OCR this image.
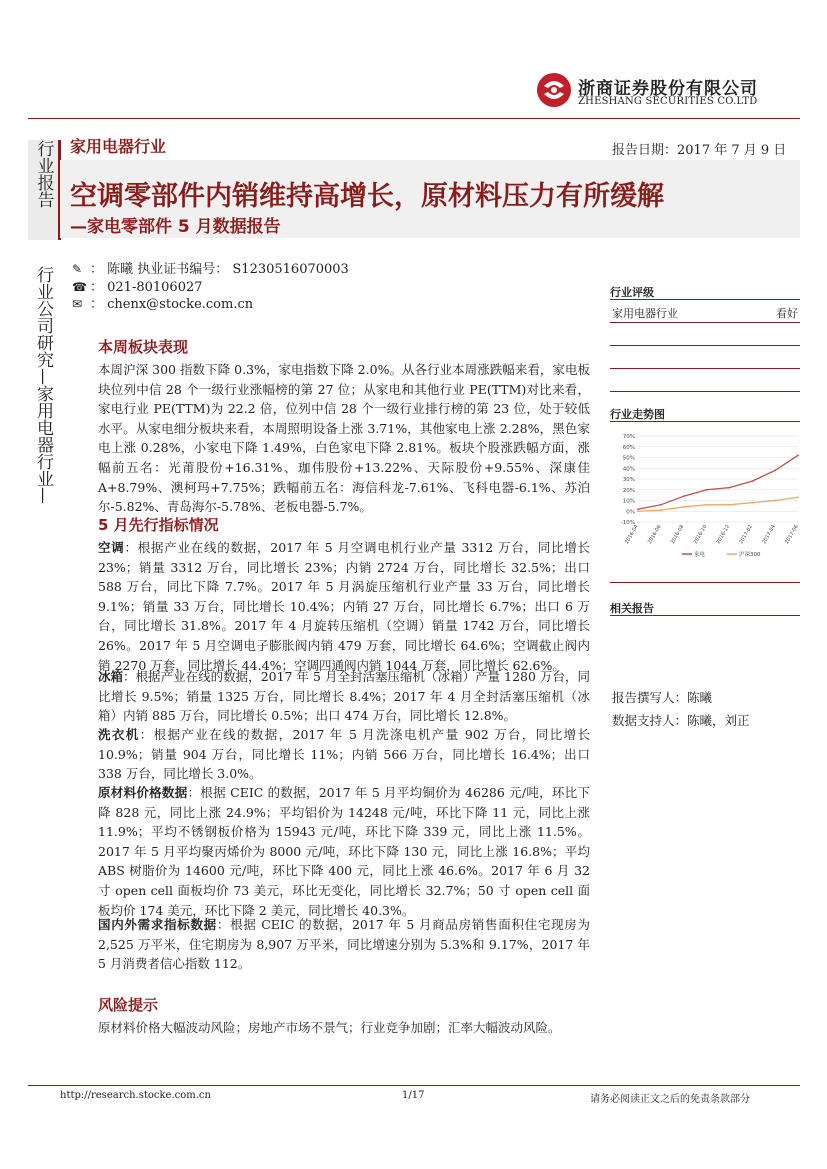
浙商证券股份有限公司
ZHESHANG SECURITIES CO.LTD
行业报告
行业公司研究—家用电器行业—
家用电器行业	报告日期：2017 年 7 月 9 日
空调零部件内销维持高增长，原材料压力有所缓解
—家电零部件 5 月数据报告
✎ ： 陈曦 执业证书编号： S1230516070003
☎ ： 021-80106027
✉ ： chenx@stocke.com.cn
本周板块表现
本周沪深 300 指数下降 0.3%，家电指数下降 2.0%。从各行业本周涨跌幅来看，家电板块位列中信 28 个一级行业涨幅榜的第 27 位；从家电和其他行业 PE(TTM)对比来看，家电行业 PE(TTM)为 22.2 倍，位列中信 28 个一级行业排行榜的第 23 位，处于较低水平。从家电细分板块来看，本周照明设备上涨 3.71%，其他家电上涨 2.28%，黑色家电上涨 0.28%，小家电下降 1.49%，白色家电下降 2.81%。板块个股涨跌幅方面，涨幅前五名：光莆股份+16.31%、珈伟股份+13.22%、天际股份+9.55%、深康佳 A+8.79%、澳柯玛+7.75%；跌幅前五名：海信科龙-7.61%、飞科电器-6.1%、苏泊尔-5.82%、青岛海尔-5.78%、老板电器-5.7%。
5 月先行指标情况
空调：根据产业在线的数据，2017 年 5 月空调电机行业产量 3312 万台，同比增长 23%；销量 3312 万台，同比增长 23%；内销 2724 万台，同比增长 32.5%；出口 588 万台，同比下降 7.7%。2017 年 5 月涡旋压缩机行业产量 33 万台，同比增长 9.1%；销量 33 万台，同比增长 10.4%；内销 27 万台，同比增长 6.7%；出口 6 万台，同比增长 31.8%。2017 年 4 月旋转压缩机（空调）销量 1742 万台，同比增长 26%。2017 年 5 月空调电子膨胀阀内销 479 万套，同比增长 64.6%；空调截止阀内销 2270 万套，同比增长 44.4%；空调四通阀内销 1044 万套，同比增长 62.6%。
冰箱：根据产业在线的数据，2017 年 5 月全封活塞压缩机（冰箱）产量 1280 万台，同比增长 9.5%；销量 1325 万台，同比增长 8.4%；2017 年 4 月全封活塞压缩机（冰箱）内销 885 万台，同比增长 0.5%；出口 474 万台，同比增长 12.8%。
洗衣机：根据产业在线的数据，2017 年 5 月洗涤电机产量 902 万台，同比增长 10.9%；销量 904 万台，同比增长 11%；内销 566 万台，同比增长 16.4%；出口 338 万台，同比增长 3.0%。
原材料价格数据：根据 CEIC 的数据，2017 年 5 月平均铜价为 46286 元/吨，环比下降 828 元，同比上涨 24.9%；平均铝价为 14248 元/吨，环比下降 11 元，同比上涨 11.9%；平均不锈钢板价格为 15943 元/吨，环比下降 339 元，同比上涨 11.5%。2017 年 5 月平均聚丙烯价为 8000 元/吨，环比下降 130 元，同比上涨 16.8%；平均 ABS 树脂价为 14600 元/吨，环比下降 400 元，同比上涨 46.6%。2017 年 6 月 32 寸 open cell 面板均价 73 美元，环比无变化，同比增长 32.7%；50 寸 open cell 面板均价 174 美元，环比下降 2 美元，同比增长 40.3%。
国内外需求指标数据：根据 CEIC 的数据，2017 年 5 月商品房销售面积住宅现房为 2,525 万平米，住宅期房为 8,907 万平米，同比增速分别为 5.3%和 9.17%，2017 年 5 月消费者信心指数 112。
风险提示
原材料价格大幅波动风险；房地产市场不景气；行业竞争加剧；汇率大幅波动风险。
行业评级
家用电器行业	看好
行业走势图
70%
60%
50%
40%
30%
20%
10%
0%
-10%
2016-04 2016-06 2016-08 2016-10 2016-12 2017-02 2017-04 2017-06
家电	沪深300
相关报告
报告撰写人：陈曦
数据支持人：陈曦，刘正
http://research.stocke.com.cn	1/17	请务必阅读正文之后的免责条款部分
